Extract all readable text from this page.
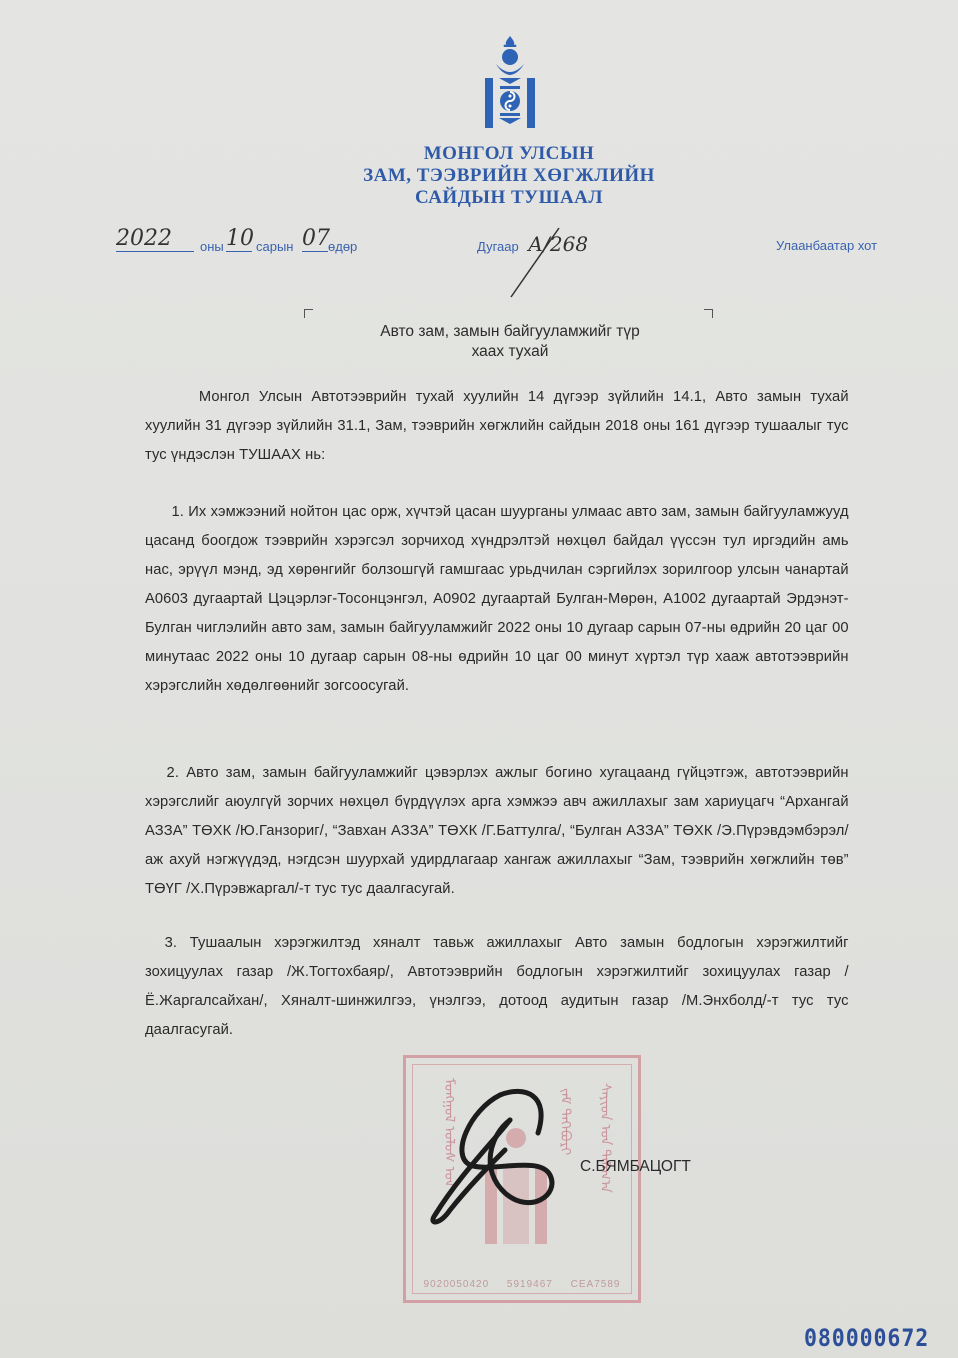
МОНГОЛ УЛСЫН
ЗАМ, ТЭЭВРИЙН ХӨГЖЛИЙН
САЙДЫН ТУШААЛ
2022	оны 10 сарын 07
өдөр	Дугаар А/268	Улаанбаатар хот
Авто зам, замын байгууламжийг түр
хаах тухай
Монгол Улсын Автотээврийн тухай хуулийн 14 дүгээр зүйлийн 14.1, Авто замын тухай хуулийн 31 дүгээр зүйлийн 31.1, Зам, тээврийн хөгжлийн сайдын 2018 оны 161 дүгээр тушаалыг тус тус үндэслэн ТУШААХ нь:
1. Их хэмжээний нойтон цас орж, хүчтэй цасан шуурганы улмаас авто зам, замын байгууламжууд цасанд боогдож тээврийн хэрэгсэл зорчиход хүндрэлтэй нөхцөл байдал үүссэн тул иргэдийн амь нас, эрүүл мэнд, эд хөрөнгийг болзошгүй гамшгаас урьдчилан сэргийлэх зорилгоор улсын чанартай А0603 дугаартай Цэцэрлэг-Тосонцэнгэл, А0902 дугаартай Булган-Мөрөн, А1002 дугаартай Эрдэнэт-Булган чиглэлийн авто зам, замын байгууламжийг 2022 оны 10 дугаар сарын 07-ны өдрийн 20 цаг 00 минутаас 2022 оны 10 дугаар сарын 08-ны өдрийн 10 цаг 00 минут хүртэл түр хааж автотээврийн хэрэгслийн хөдөлгөөнийг зогсоосугай.
2. Авто зам, замын байгууламжийг цэвэрлэх ажлыг богино хугацаанд гүйцэтгэж, автотээврийн хэрэгслийг аюулгүй зорчих нөхцөл бүрдүүлэх арга хэмжээ авч ажиллахыг зам хариуцагч “Архангай АЗЗА” ТӨХК /Ю.Ганзориг/, “Завхан АЗЗА” ТӨХК /Г.Баттулга/, “Булган АЗЗА” ТӨХК /Э.Пүрэвдэмбэрэл/ аж ахуй нэгжүүдэд, нэгдсэн шуурхай удирдлагаар хангаж ажиллахыг “Зам, тээврийн хөгжлийн төв” ТӨҮГ /Х.Пүрэвжаргал/-т тус тус даалгасугай.
3. Тушаалын хэрэгжилтэд хяналт тавьж ажиллахыг Авто замын бодлогын хэрэгжилтийг зохицуулах газар /Ж.Тогтохбаяр/, Автотээврийн бодлогын хэрэгжилтийг зохицуулах газар /Ё.Жаргалсайхан/, Хяналт-шинжилгээ, үнэлгээ, дотоод аудитын газар /М.Энхболд/-т тус тус даалгасугай.
ᠮᠣᠩᠭᠣᠯ ᠤᠯᠤᠰ ᠤᠨ	ᠵᠠᠮ ᠲᠡᠭᠡᠪᠦᠷᠢ ᠰᠠᠶᠢᠳ ᠤᠨ ᠲᠠᠮᠠᠭ᠎ᠠ
9020050420 5919467 СЕА7589
С.БЯМБАЦОГТ
080000672
